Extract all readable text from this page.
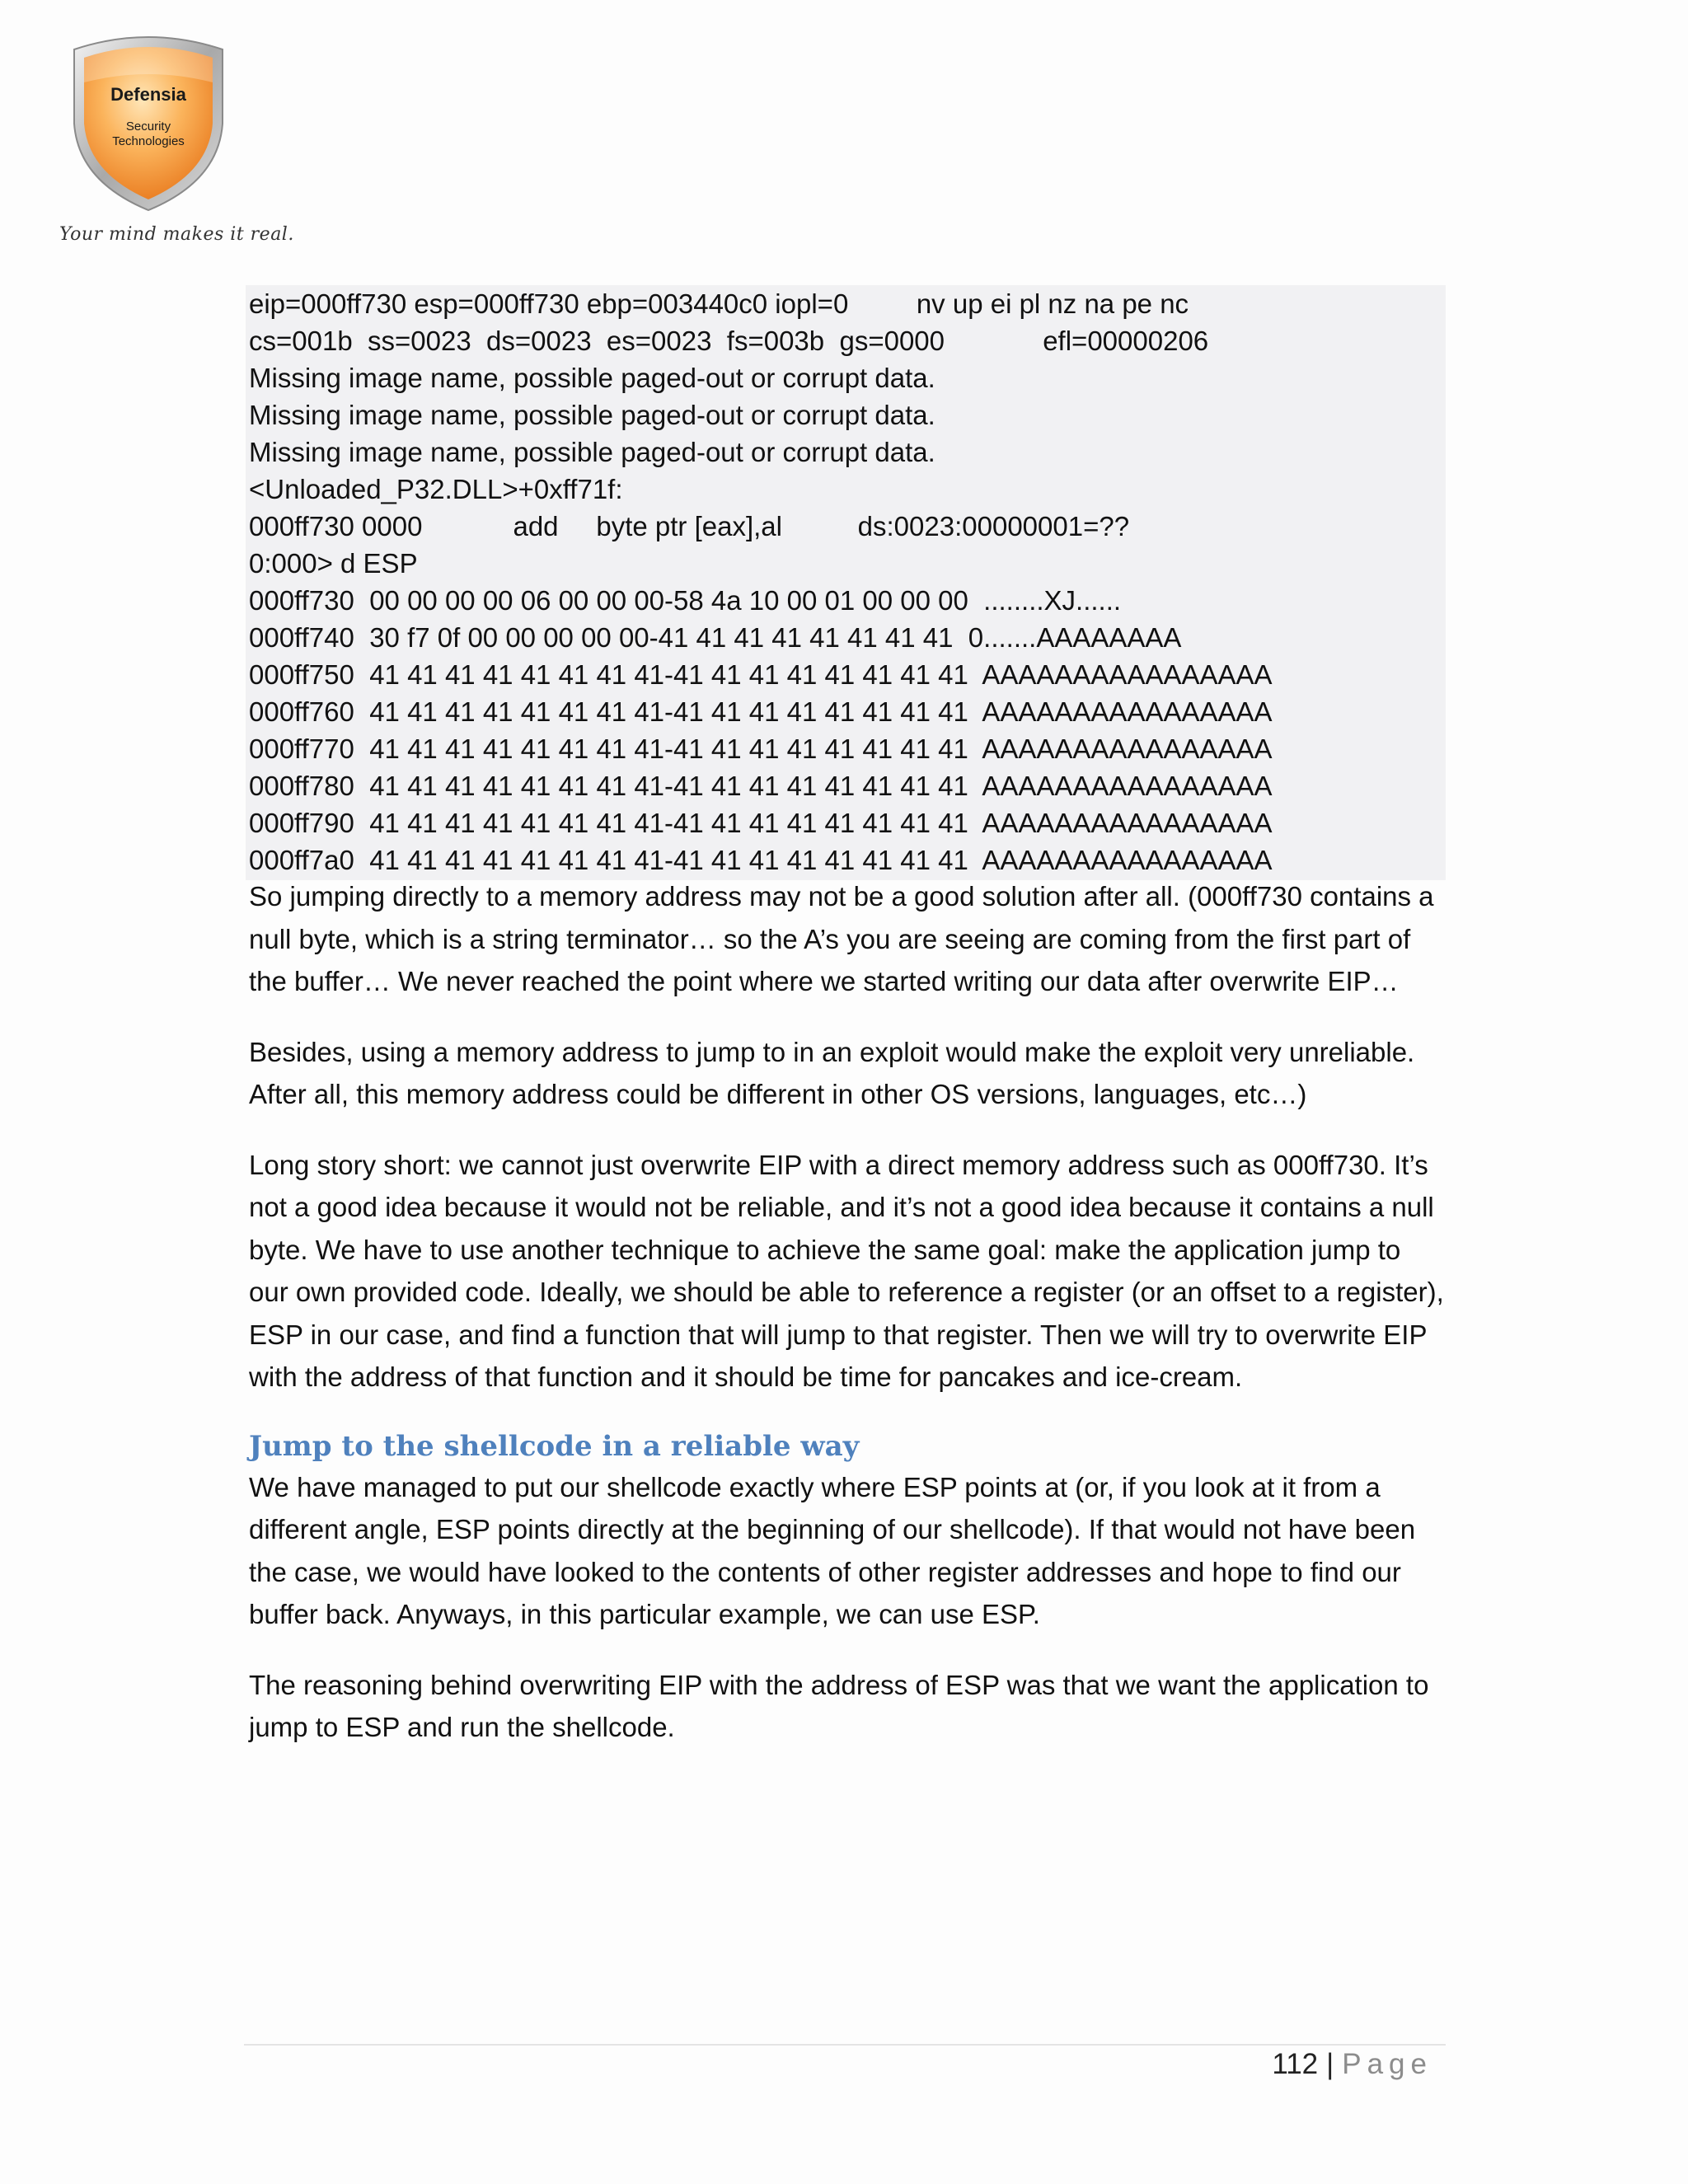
Defensia
Security
Technologies
Your mind makes it real.
eip=000ff730 esp=000ff730 ebp=003440c0 iopl=0         nv up ei pl nz na pe nc
cs=001b  ss=0023  ds=0023  es=0023  fs=003b  gs=0000             efl=00000206
Missing image name, possible paged-out or corrupt data.
Missing image name, possible paged-out or corrupt data.
Missing image name, possible paged-out or corrupt data.
<Unloaded_P32.DLL>+0xff71f:
000ff730 0000            add     byte ptr [eax],al          ds:0023:00000001=??
0:000> d ESP
000ff730  00 00 00 00 06 00 00 00-58 4a 10 00 01 00 00 00  ........XJ......
000ff740  30 f7 0f 00 00 00 00 00-41 41 41 41 41 41 41 41  0.......AAAAAAAA
000ff750  41 41 41 41 41 41 41 41-41 41 41 41 41 41 41 41  AAAAAAAAAAAAAAAA
000ff760  41 41 41 41 41 41 41 41-41 41 41 41 41 41 41 41  AAAAAAAAAAAAAAAA
000ff770  41 41 41 41 41 41 41 41-41 41 41 41 41 41 41 41  AAAAAAAAAAAAAAAA
000ff780  41 41 41 41 41 41 41 41-41 41 41 41 41 41 41 41  AAAAAAAAAAAAAAAA
000ff790  41 41 41 41 41 41 41 41-41 41 41 41 41 41 41 41  AAAAAAAAAAAAAAAA
000ff7a0  41 41 41 41 41 41 41 41-41 41 41 41 41 41 41 41  AAAAAAAAAAAAAAAA

So jumping directly to a memory address may not be a good solution after all. (000ff730 contains a null byte, which is a string terminator… so the A’s you are seeing are coming from the first part of the buffer… We never reached the point where we started writing our data after overwrite EIP…

Besides, using a memory address to jump to in an exploit would make the exploit very unreliable. After all, this memory address could be different in other OS versions, languages, etc…)

Long story short: we cannot just overwrite EIP with a direct memory address such as 000ff730. It’s not a good idea because it would not be reliable, and it’s not a good idea because it contains a null byte. We have to use another technique to achieve the same goal: make the application jump to our own provided code. Ideally, we should be able to reference a register (or an offset to a register), ESP in our case, and find a function that will jump to that register. Then we will try to overwrite EIP with the address of that function and it should be time for pancakes and ice-cream.

Jump to the shellcode in a reliable way

We have managed to put our shellcode exactly where ESP points at (or, if you look at it from a different angle, ESP points directly at the beginning of our shellcode). If that would not have been the case, we would have looked to the contents of other register addresses and hope to find our buffer back. Anyways, in this particular example, we can use ESP.

The reasoning behind overwriting EIP with the address of ESP was that we want the application to jump to ESP and run the shellcode.

112 | Page
